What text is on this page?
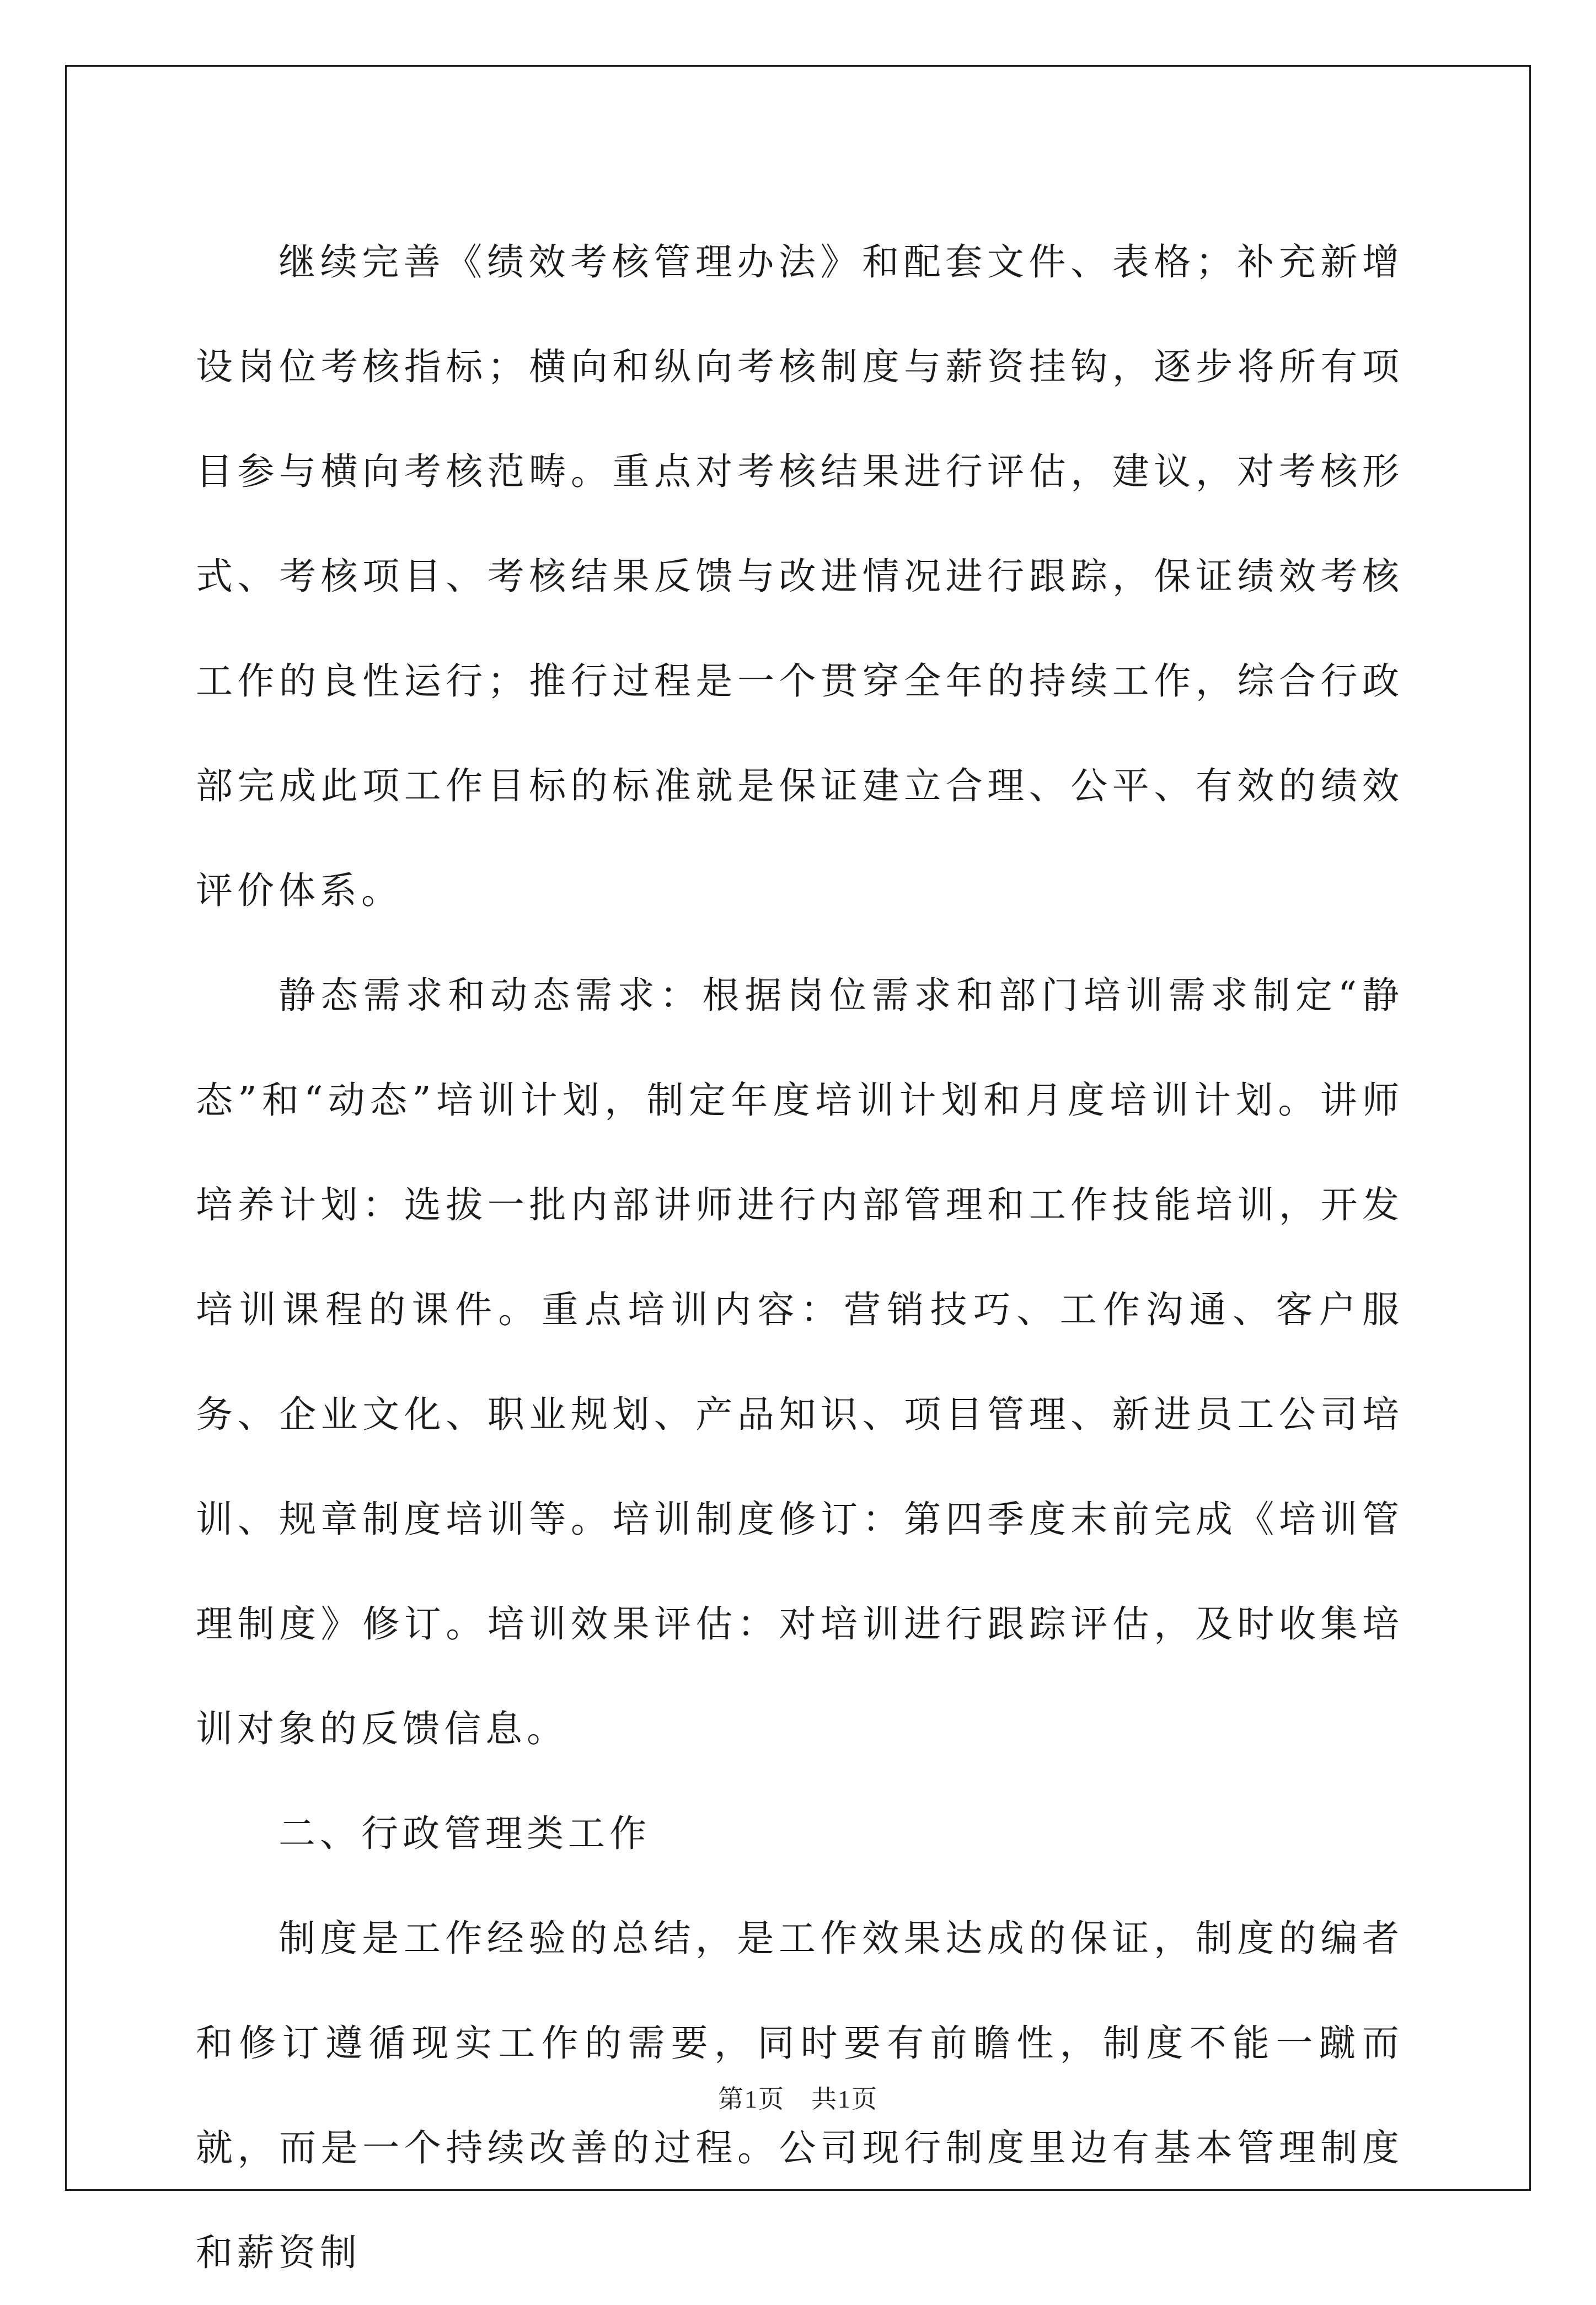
继续完善《绩效考核管理办法》和配套文件、表格；补充新增设岗位考核指标；横向和纵向考核制度与薪资挂钩，逐步将所有项目参与横向考核范畴。重点对考核结果进行评估，建议，对考核形式、考核项目、考核结果反馈与改进情况进行跟踪，保证绩效考核工作的良性运行；推行过程是一个贯穿全年的持续工作，综合行政部完成此项工作目标的标准就是保证建立合理、公平、有效的绩效评价体系。

静态需求和动态需求：根据岗位需求和部门培训需求制定“静态”和“动态”培训计划，制定年度培训计划和月度培训计划。讲师培养计划：选拔一批内部讲师进行内部管理和工作技能培训，开发培训课程的课件。重点培训内容：营销技巧、工作沟通、客户服务、企业文化、职业规划、产品知识、项目管理、新进员工公司培训、规章制度培训等。培训制度修订：第四季度末前完成《培训管理制度》修订。培训效果评估：对培训进行跟踪评估，及时收集培训对象的反馈信息。

二、行政管理类工作

制度是工作经验的总结，是工作效果达成的保证，制度的编者和修订遵循现实工作的需要，同时要有前瞻性，制度不能一蹴而就，而是一个持续改善的过程。公司现行制度里边有基本管理制度和薪资制

第1页　共1页
